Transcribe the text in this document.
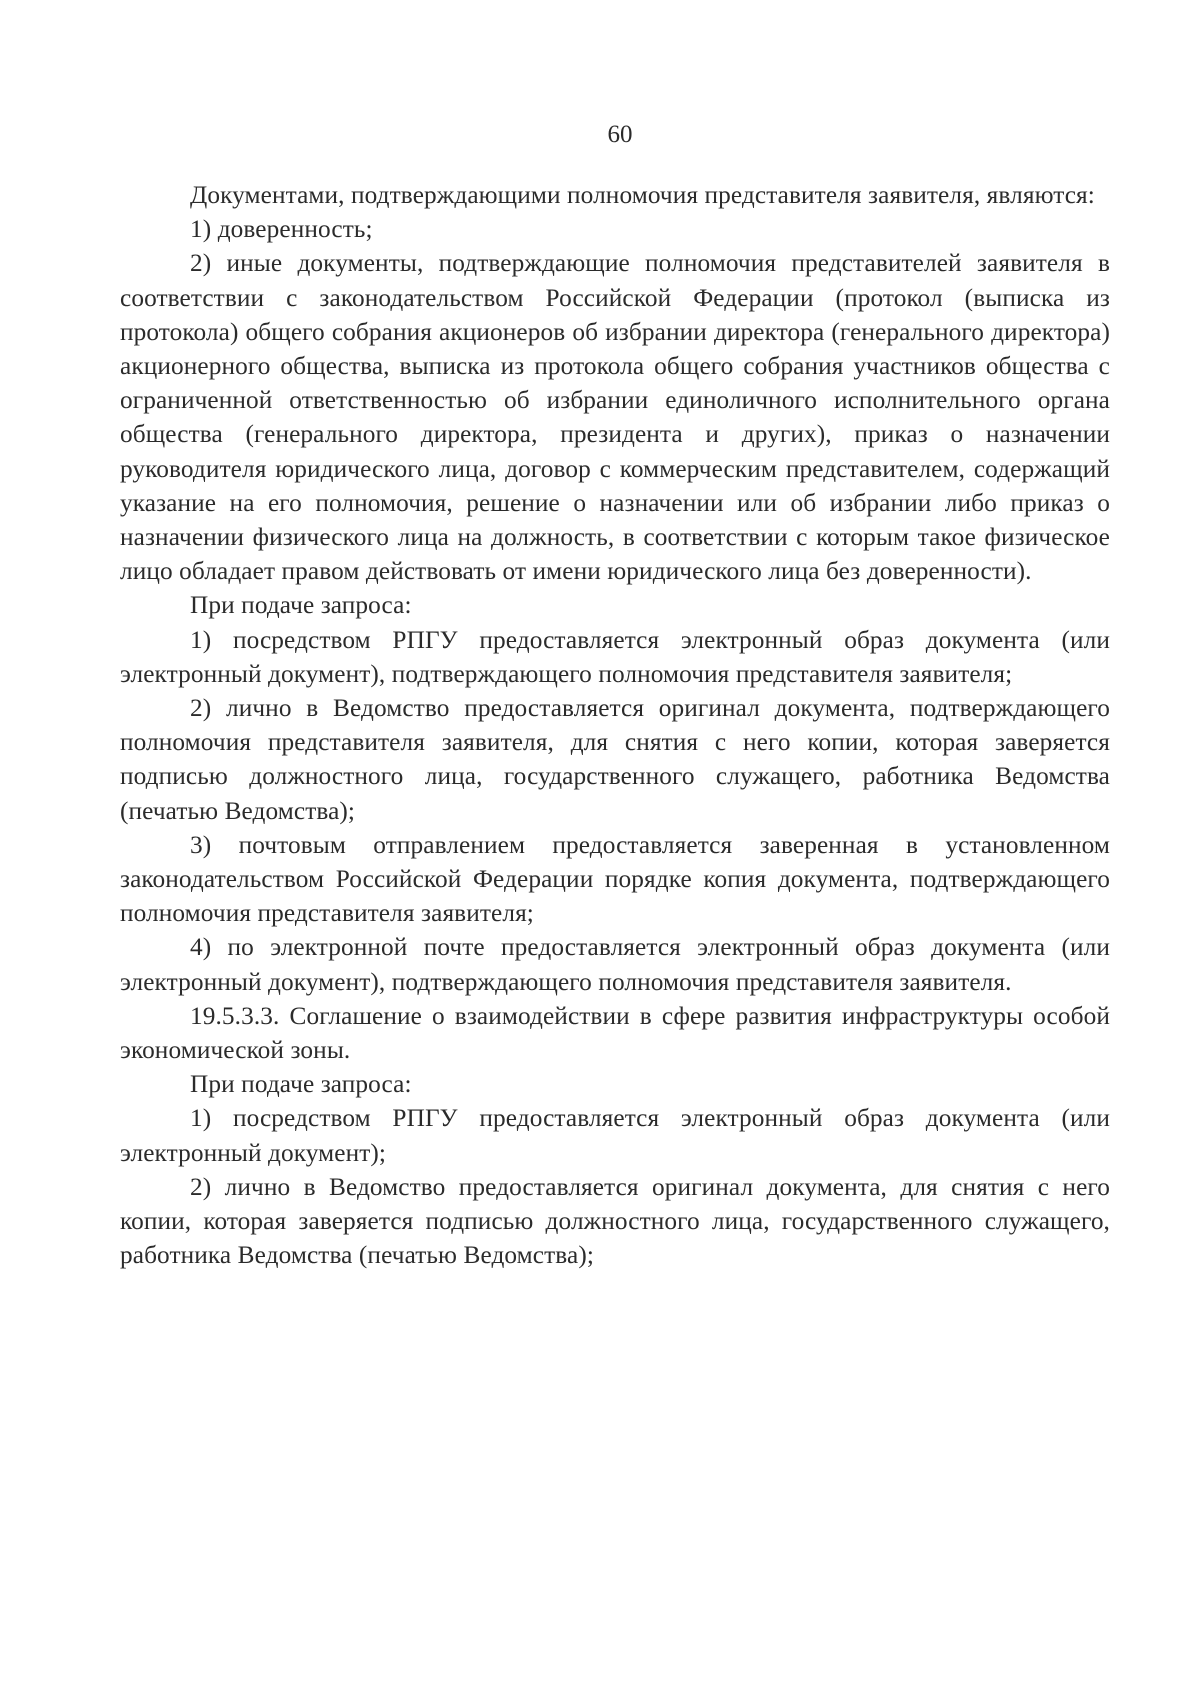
60

Документами, подтверждающими полномочия представителя заявителя, являются:

1) доверенность;

2) иные документы, подтверждающие полномочия представителей заявителя в соответствии с законодательством Российской Федерации (протокол (выписка из протокола) общего собрания акционеров об избрании директора (генерального директора) акционерного общества, выписка из протокола общего собрания участников общества с ограниченной ответственностью об избрании единоличного исполнительного органа общества (генерального директора, президента и других), приказ о назначении руководителя юридического лица, договор с коммерческим представителем, содержащий указание на его полномочия, решение о назначении или об избрании либо приказ о назначении физического лица на должность, в соответствии с которым такое физическое лицо обладает правом действовать от имени юридического лица без доверенности).

При подаче запроса:

1) посредством РПГУ предоставляется электронный образ документа (или электронный документ), подтверждающего полномочия представителя заявителя;

2) лично в Ведомство предоставляется оригинал документа, подтверждающего полномочия представителя заявителя, для снятия с него копии, которая заверяется подписью должностного лица, государственного служащего, работника Ведомства (печатью Ведомства);

3) почтовым отправлением предоставляется заверенная в установленном законодательством Российской Федерации порядке копия документа, подтверждающего полномочия представителя заявителя;

4) по электронной почте предоставляется электронный образ документа (или электронный документ), подтверждающего полномочия представителя заявителя.

19.5.3.3. Соглашение о взаимодействии в сфере развития инфраструктуры особой экономической зоны.

При подаче запроса:

1) посредством РПГУ предоставляется электронный образ документа (или электронный документ);

2) лично в Ведомство предоставляется оригинал документа, для снятия с него копии, которая заверяется подписью должностного лица, государственного служащего, работника Ведомства (печатью Ведомства);
